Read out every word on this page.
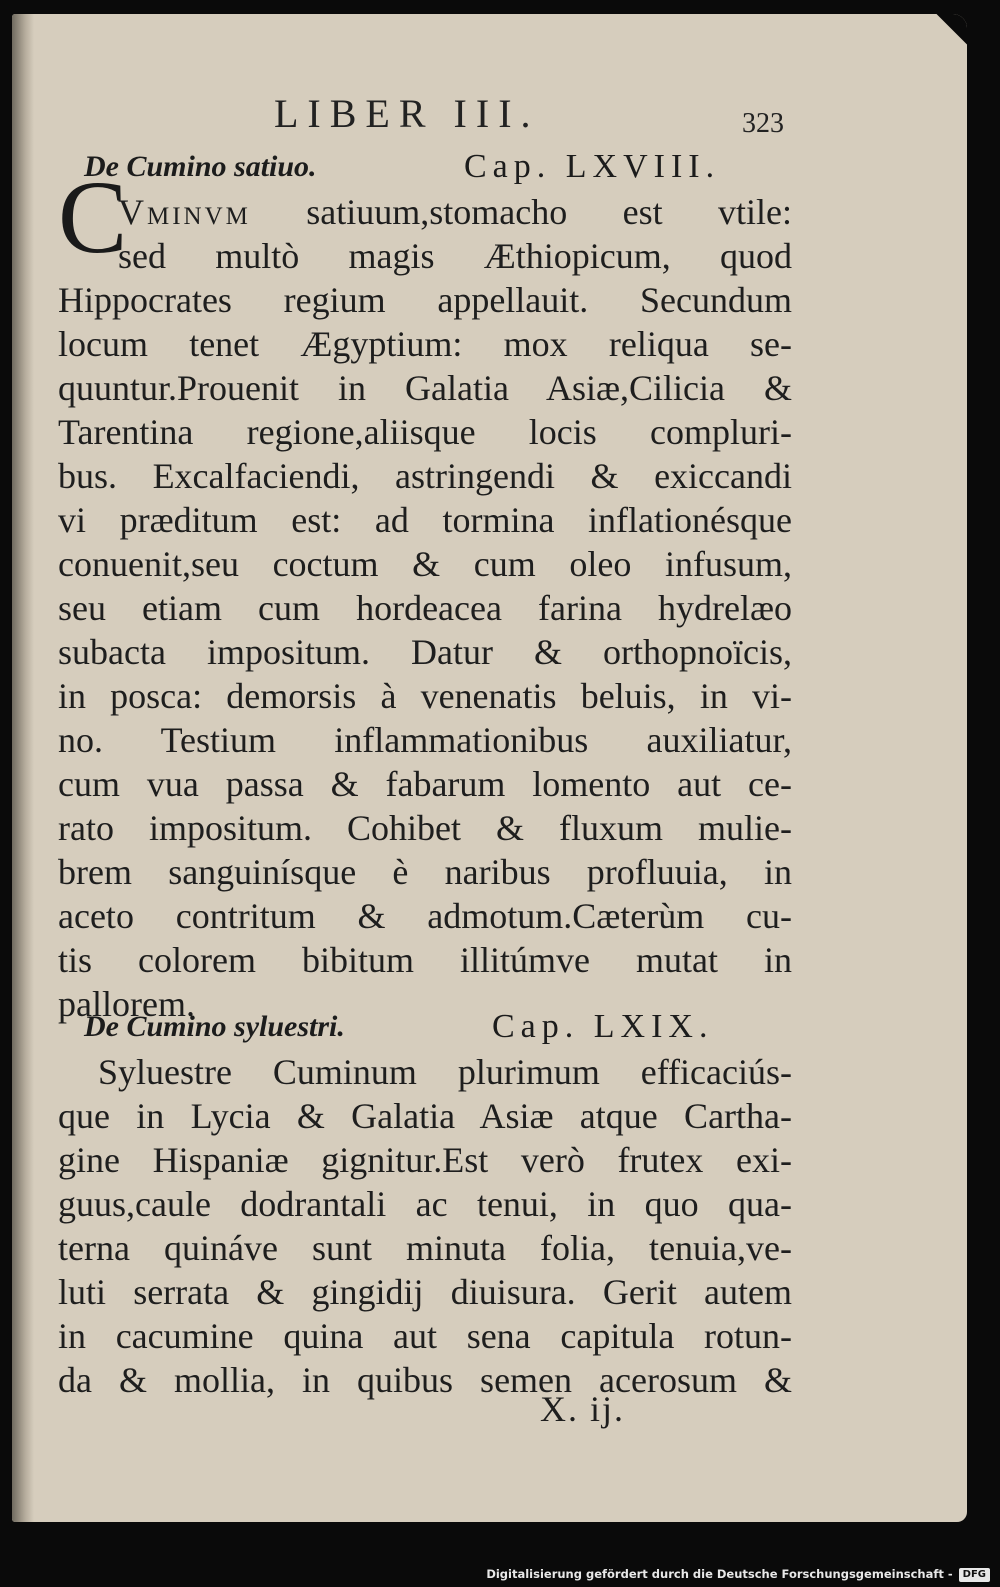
LIBER III.	323
De Cumino satiuo.	Cap. LXVIII.
C
Vminvm satiuum,stomacho est vtile:
sed multò magis Æthiopicum, quod
Hippocrates regium appellauit. Secundum
locum tenet Ægyptium: mox reliqua se-
quuntur.Prouenit in Galatia Asiæ,Cilicia &
Tarentina regione,aliisque locis compluri-
bus. Excalfaciendi, astringendi & exiccandi
vi præditum est: ad tormina inflationésque
conuenit,seu coctum & cum oleo infusum,
seu etiam cum hordeacea farina hydrelæo
subacta impositum. Datur & orthopnoïcis,
in posca: demorsis à venenatis beluis, in vi-
no. Testium inflammationibus auxiliatur,
cum vua passa & fabarum lomento aut ce-
rato impositum. Cohibet & fluxum mulie-
brem sanguinísque è naribus profluuia, in
aceto contritum & admotum.Cæterùm cu-
tis colorem bibitum illitúmve mutat in
pallorem.
De Cumino syluestri.	Cap. LXIX.
Syluestre Cuminum plurimum efficaciús-
que in Lycia & Galatia Asiæ atque Cartha-
gine Hispaniæ gignitur.Est verò frutex exi-
guus,caule dodrantali ac tenui, in quo qua-
terna quináve sunt minuta folia, tenuia,ve-
luti serrata & gingidij diuisura. Gerit autem
in cacumine quina aut sena capitula rotun-
da & mollia, in quibus semen acerosum &
X. ij.
Digitalisierung gefördert durch die Deutsche Forschungsgemeinschaft - DFG
